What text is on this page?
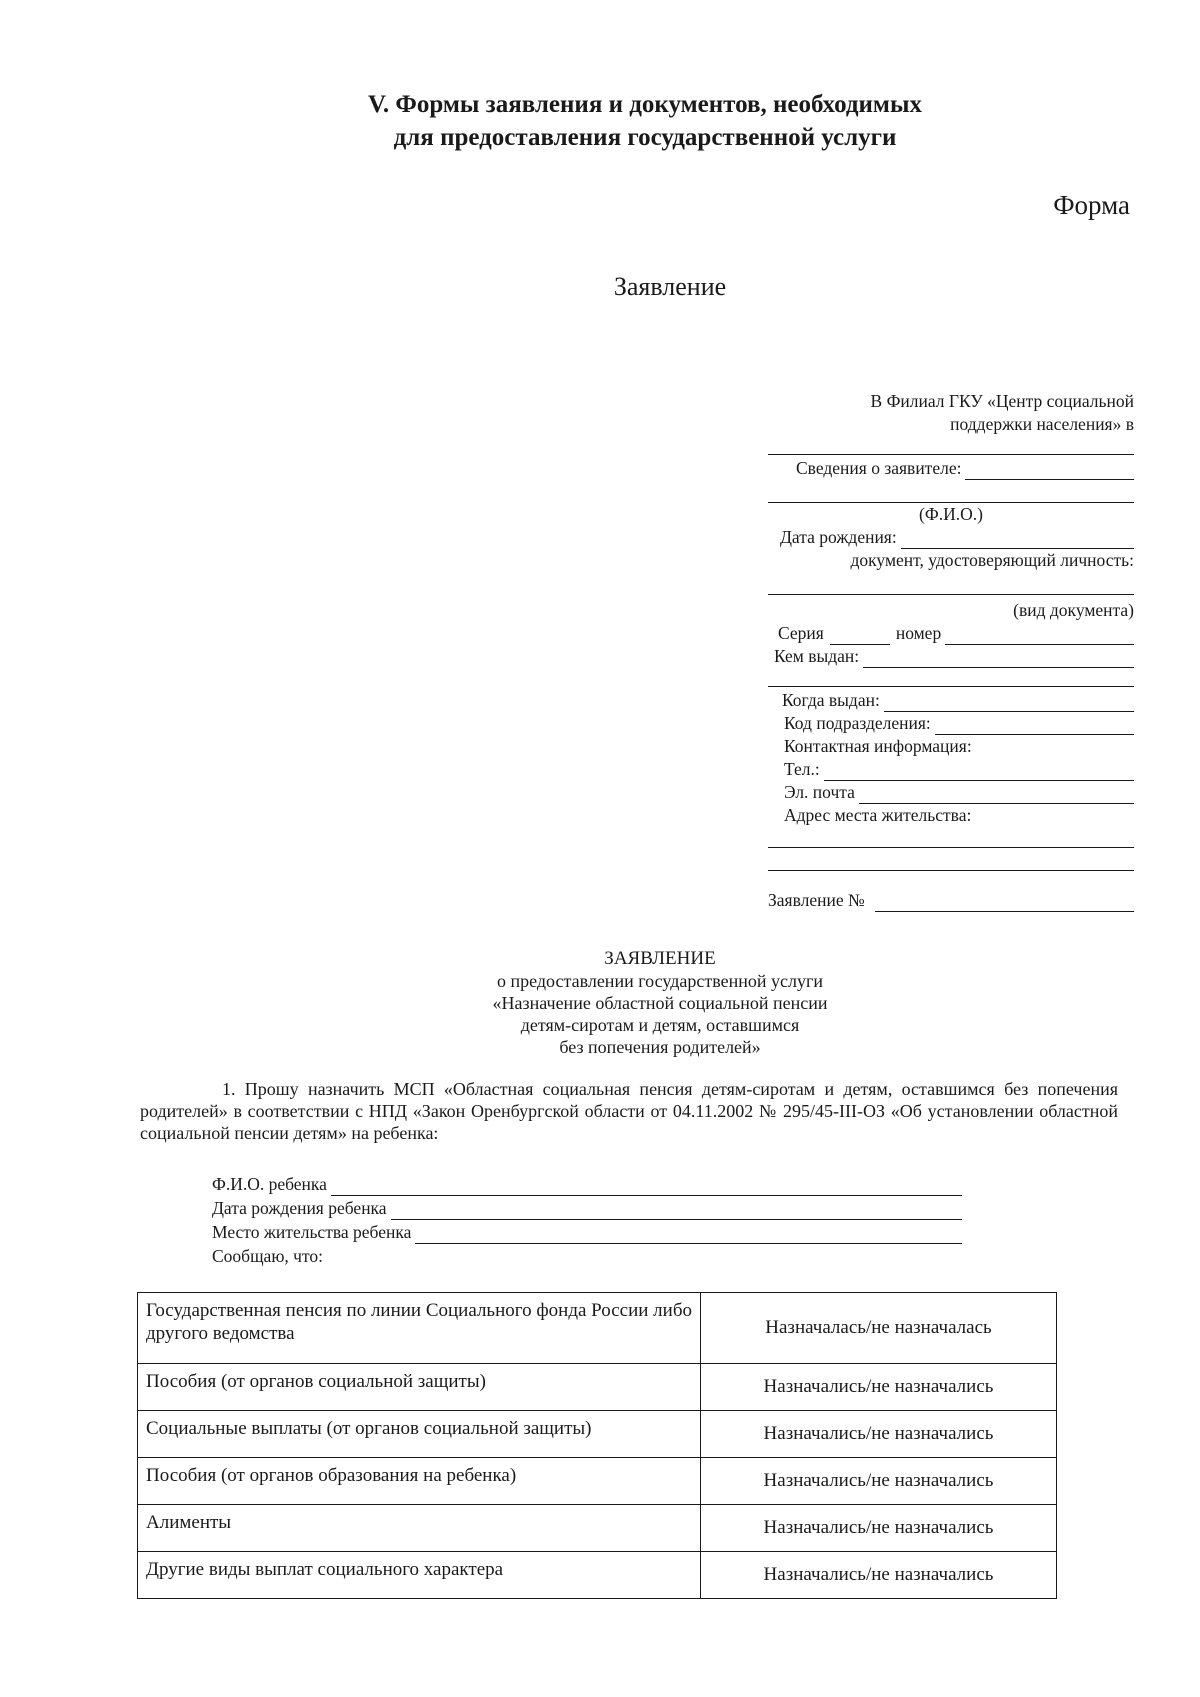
V. Формы заявления и документов, необходимых
для предоставления государственной услуги
Форма
Заявление
В Филиал ГКУ «Центр социальной
поддержки населения» в
Сведения о заявителе:
(Ф.И.О.)
Дата рождения:
документ, удостоверяющий личность:
(вид документа)
Серия	номер
Кем выдан:
Когда выдан:
Код подразделения:
Контактная информация:
Тел.:
Эл. почта
Адрес места жительства:
Заявление №
ЗАЯВЛЕНИЕ
о предоставлении государственной услуги
«Назначение областной социальной пенсии
детям-сиротам и детям, оставшимся
без попечения родителей»
1. Прошу назначить МСП «Областная социальная пенсия детям-сиротам и детям, оставшимся без попечения родителей» в соответствии с НПД «Закон Оренбургской области от 04.11.2002 № 295/45-III-ОЗ «Об установлении областной социальной пенсии детям» на ребенка:
Ф.И.О. ребенка
Дата рождения ребенка
Место жительства ребенка
Сообщаю, что:
Государственная пенсия по линии Социального фонда России либо другого ведомства	Назначалась/не назначалась
Пособия (от органов социальной защиты)	Назначались/не назначались
Социальные выплаты (от органов социальной защиты)	Назначались/не назначались
Пособия (от органов образования на ребенка)	Назначались/не назначались
Алименты	Назначались/не назначались
Другие виды выплат социального характера	Назначались/не назначались
